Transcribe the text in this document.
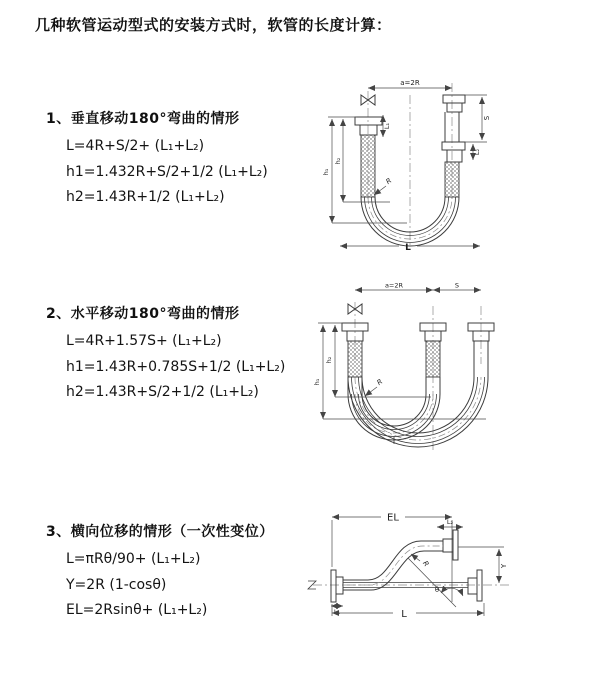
几种软管运动型式的安装方式时，软管的长度计算：
1、垂直移动180°弯曲的情形
L=4R+S/2+ (L₁+L₂)
h1=1.432R+S/2+1/2 (L₁+L₂)
h2=1.43R+1/2 (L₁+L₂)
2、水平移动180°弯曲的情形
L=4R+1.57S+ (L₁+L₂)
h1=1.43R+0.785S+1/2 (L₁+L₂)
h2=1.43R+S/2+1/2 (L₁+L₂)
3、横向位移的情形（一次性变位）
L=πRθ/90+ (L₁+L₂)
Y=2R (1-cosθ)
EL=2Rsinθ+ (L₁+L₂)
a=2R
L₁
h₁
h₂
S
L₂
R
L
a=2R	S
h₁
h₂
R
EL	L₂
Y
R
θ
L₁	L
